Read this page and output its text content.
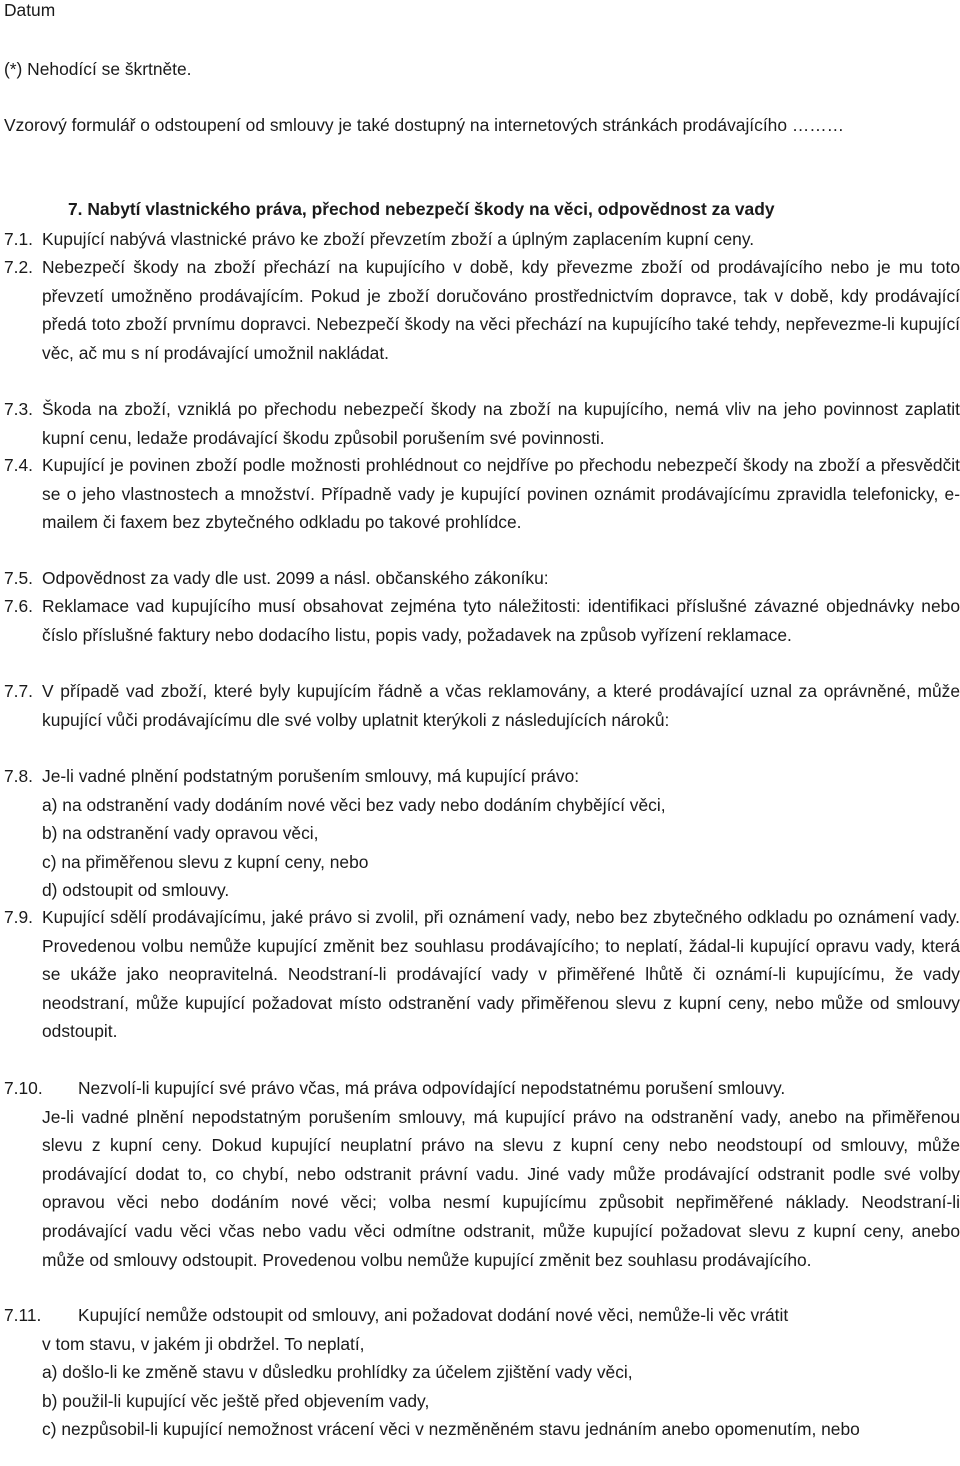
Datum
(*) Nehodící se škrtněte.
Vzorový formulář o odstoupení od smlouvy je také dostupný na internetových stránkách prodávajícího ………
7. Nabytí vlastnického práva, přechod nebezpečí škody na věci, odpovědnost za vady
7.1. Kupující nabývá vlastnické právo ke zboží převzetím zboží a úplným zaplacením kupní ceny.
7.2. Nebezpečí škody na zboží přechází na kupujícího v době, kdy převezme zboží od prodávajícího nebo je mu toto převzetí umožněno prodávajícím. Pokud je zboží doručováno prostřednictvím dopravce, tak v době, kdy prodávající předá toto zboží prvnímu dopravci. Nebezpečí škody na věci přechází na kupujícího také tehdy, nepřevezme-li kupující věc, ač mu s ní prodávající umožnil nakládat.
7.3. Škoda na zboží, vzniklá po přechodu nebezpečí škody na zboží na kupujícího, nemá vliv na jeho povinnost zaplatit kupní cenu, ledaže prodávající škodu způsobil porušením své povinnosti.
7.4. Kupující je povinen zboží podle možnosti prohlédnout co nejdříve po přechodu nebezpečí škody na zboží a přesvědčit se o jeho vlastnostech a množství. Případně vady je kupující povinen oznámit prodávajícímu zpravidla telefonicky, e-mailem či faxem bez zbytečného odkladu po takové prohlídce.
7.5. Odpovědnost za vady dle ust. 2099 a násl. občanského zákoníku:
7.6. Reklamace vad kupujícího musí obsahovat zejména tyto náležitosti: identifikaci příslušné závazné objednávky nebo číslo příslušné faktury nebo dodacího listu, popis vady, požadavek na způsob vyřízení reklamace.
7.7. V případě vad zboží, které byly kupujícím řádně a včas reklamovány, a které prodávající uznal za oprávněné, může kupující vůči prodávajícímu dle své volby uplatnit kterýkoli z následujících nároků:
7.8. Je-li vadné plnění podstatným porušením smlouvy, má kupující právo:
a) na odstranění vady dodáním nové věci bez vady nebo dodáním chybějící věci,
b) na odstranění vady opravou věci,
c) na přiměřenou slevu z kupní ceny, nebo
d) odstoupit od smlouvy.
7.9. Kupující sdělí prodávajícímu, jaké právo si zvolil, při oznámení vady, nebo bez zbytečného odkladu po oznámení vady. Provedenou volbu nemůže kupující změnit bez souhlasu prodávajícího; to neplatí, žádal-li kupující opravu vady, která se ukáže jako neopravitelná. Neodstraní-li prodávající vady v přiměřené lhůtě či oznámí-li kupujícímu, že vady neodstraní, může kupující požadovat místo odstranění vady přiměřenou slevu z kupní ceny, nebo může od smlouvy odstoupit.
7.10.	Nezvolí-li kupující své právo včas, má práva odpovídající nepodstatnému porušení smlouvy.
Je-li vadné plnění nepodstatným porušením smlouvy, má kupující právo na odstranění vady, anebo na přiměřenou slevu z kupní ceny. Dokud kupující neuplatní právo na slevu z kupní ceny nebo neodstoupí od smlouvy, může prodávající dodat to, co chybí, nebo odstranit právní vadu. Jiné vady může prodávající odstranit podle své volby opravou věci nebo dodáním nové věci; volba nesmí kupujícímu způsobit nepřiměřené náklady. Neodstraní-li prodávající vadu věci včas nebo vadu věci odmítne odstranit, může kupující požadovat slevu z kupní ceny, anebo může od smlouvy odstoupit. Provedenou volbu nemůže kupující změnit bez souhlasu prodávajícího.
7.11.	Kupující nemůže odstoupit od smlouvy, ani požadovat dodání nové věci, nemůže-li věc vrátit
v tom stavu, v jakém ji obdržel. To neplatí,
a) došlo-li ke změně stavu v důsledku prohlídky za účelem zjištění vady věci,
b) použil-li kupující věc ještě před objevením vady,
c) nezpůsobil-li kupující nemožnost vrácení věci v nezměněném stavu jednáním anebo opomenutím, nebo
